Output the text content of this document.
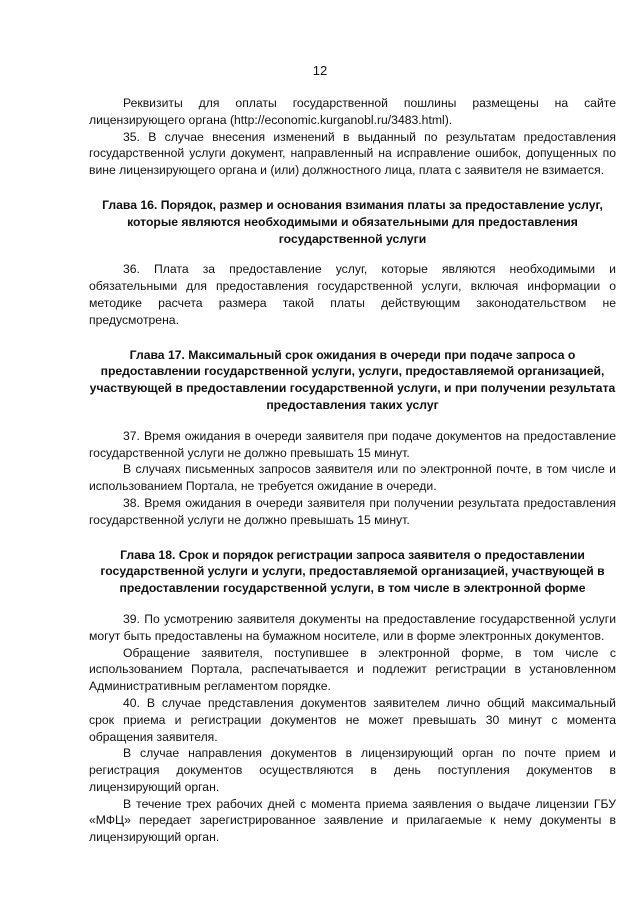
12

Реквизиты для оплаты государственной пошлины размещены на сайте лицензирующего органа (http://economic.kurganobl.ru/3483.html).

35. В случае внесения изменений в выданный по результатам предоставления государственной услуги документ, направленный на исправление ошибок, допущенных по вине лицензирующего органа и (или) должностного лица, плата с заявителя не взимается.

Глава 16. Порядок, размер и основания взимания платы за предоставление услуг, которые являются необходимыми и обязательными для предоставления государственной услуги

36. Плата за предоставление услуг, которые являются необходимыми и обязательными для предоставления государственной услуги, включая информации о методике расчета размера такой платы действующим законодательством не предусмотрена.

Глава 17. Максимальный срок ожидания в очереди при подаче запроса о предоставлении государственной услуги, услуги, предоставляемой организацией, участвующей в предоставлении государственной услуги, и при получении результата предоставления таких услуг

37. Время ожидания в очереди заявителя при подаче документов на предоставление государственной услуги не должно превышать 15 минут.

В случаях письменных запросов заявителя или по электронной почте, в том числе и использованием Портала, не требуется ожидание в очереди.

38. Время ожидания в очереди заявителя при получении результата предоставления государственной услуги не должно превышать 15 минут.

Глава 18. Срок и порядок регистрации запроса заявителя о предоставлении государственной услуги и услуги, предоставляемой организацией, участвующей в предоставлении государственной услуги, в том числе в электронной форме

39. По усмотрению заявителя документы на предоставление государственной услуги могут быть предоставлены на бумажном носителе, или в форме электронных документов.

Обращение заявителя, поступившее в электронной форме, в том числе с использованием Портала, распечатывается и подлежит регистрации в установленном Административным регламентом порядке.

40. В случае представления документов заявителем лично общий максимальный срок приема и регистрации документов не может превышать 30 минут с момента обращения заявителя.

В случае направления документов в лицензирующий орган по почте прием и регистрация документов осуществляются в день поступления документов в лицензирующий орган.

В течение трех рабочих дней с момента приема заявления о выдаче лицензии ГБУ «МФЦ» передает зарегистрированное заявление и прилагаемые к нему документы в лицензирующий орган.
